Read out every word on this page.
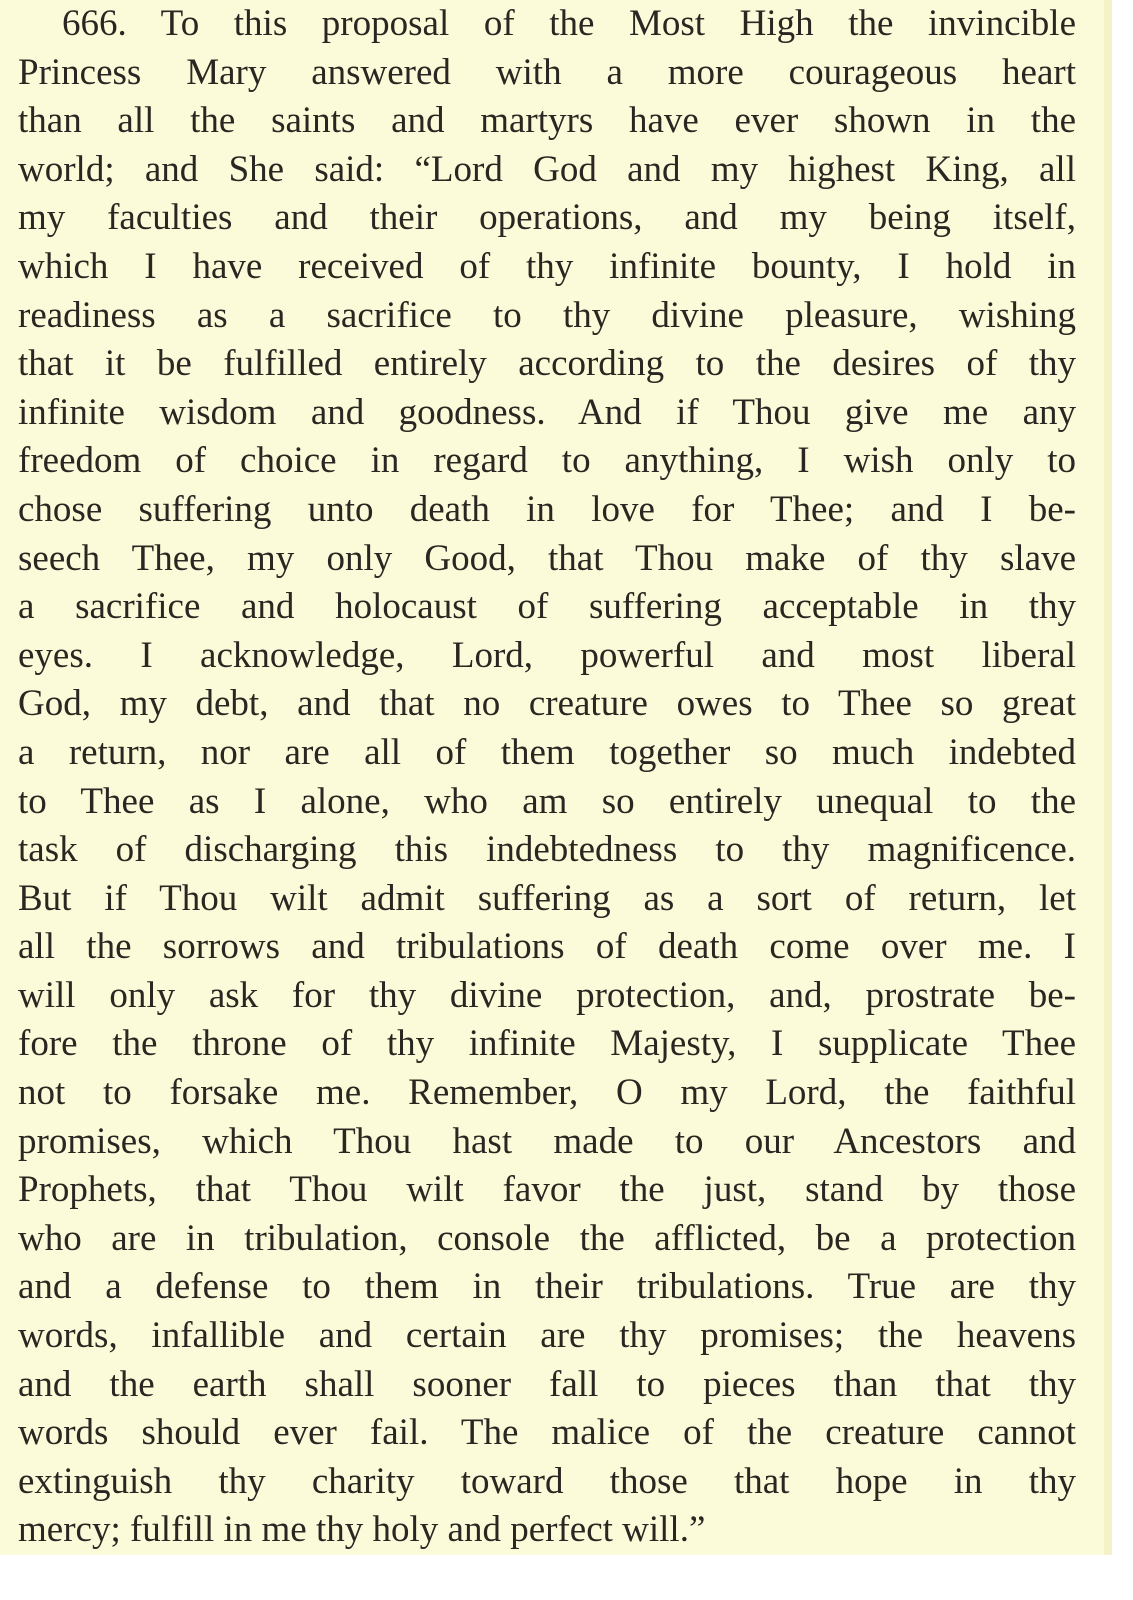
666. To this proposal of the Most High the invincible
Princess Mary answered with a more courageous heart
than all the saints and martyrs have ever shown in the
world; and She said: “Lord God and my highest King, all
my faculties and their operations, and my being itself,
which I have received of thy infinite bounty, I hold in
readiness as a sacrifice to thy divine pleasure, wishing
that it be fulfilled entirely according to the desires of thy
infinite wisdom and goodness. And if Thou give me any
freedom of choice in regard to anything, I wish only to
chose suffering unto death in love for Thee; and I be-
seech Thee, my only Good, that Thou make of thy slave
a sacrifice and holocaust of suffering acceptable in thy
eyes. I acknowledge, Lord, powerful and most liberal
God, my debt, and that no creature owes to Thee so great
a return, nor are all of them together so much indebted
to Thee as I alone, who am so entirely unequal to the
task of discharging this indebtedness to thy magnificence.
But if Thou wilt admit suffering as a sort of return, let
all the sorrows and tribulations of death come over me. I
will only ask for thy divine protection, and, prostrate be-
fore the throne of thy infinite Majesty, I supplicate Thee
not to forsake me. Remember, O my Lord, the faithful
promises, which Thou hast made to our Ancestors and
Prophets, that Thou wilt favor the just, stand by those
who are in tribulation, console the afflicted, be a protection
and a defense to them in their tribulations. True are thy
words, infallible and certain are thy promises; the heavens
and the earth shall sooner fall to pieces than that thy
words should ever fail. The malice of the creature cannot
extinguish thy charity toward those that hope in thy
mercy; fulfill in me thy holy and perfect will.”
